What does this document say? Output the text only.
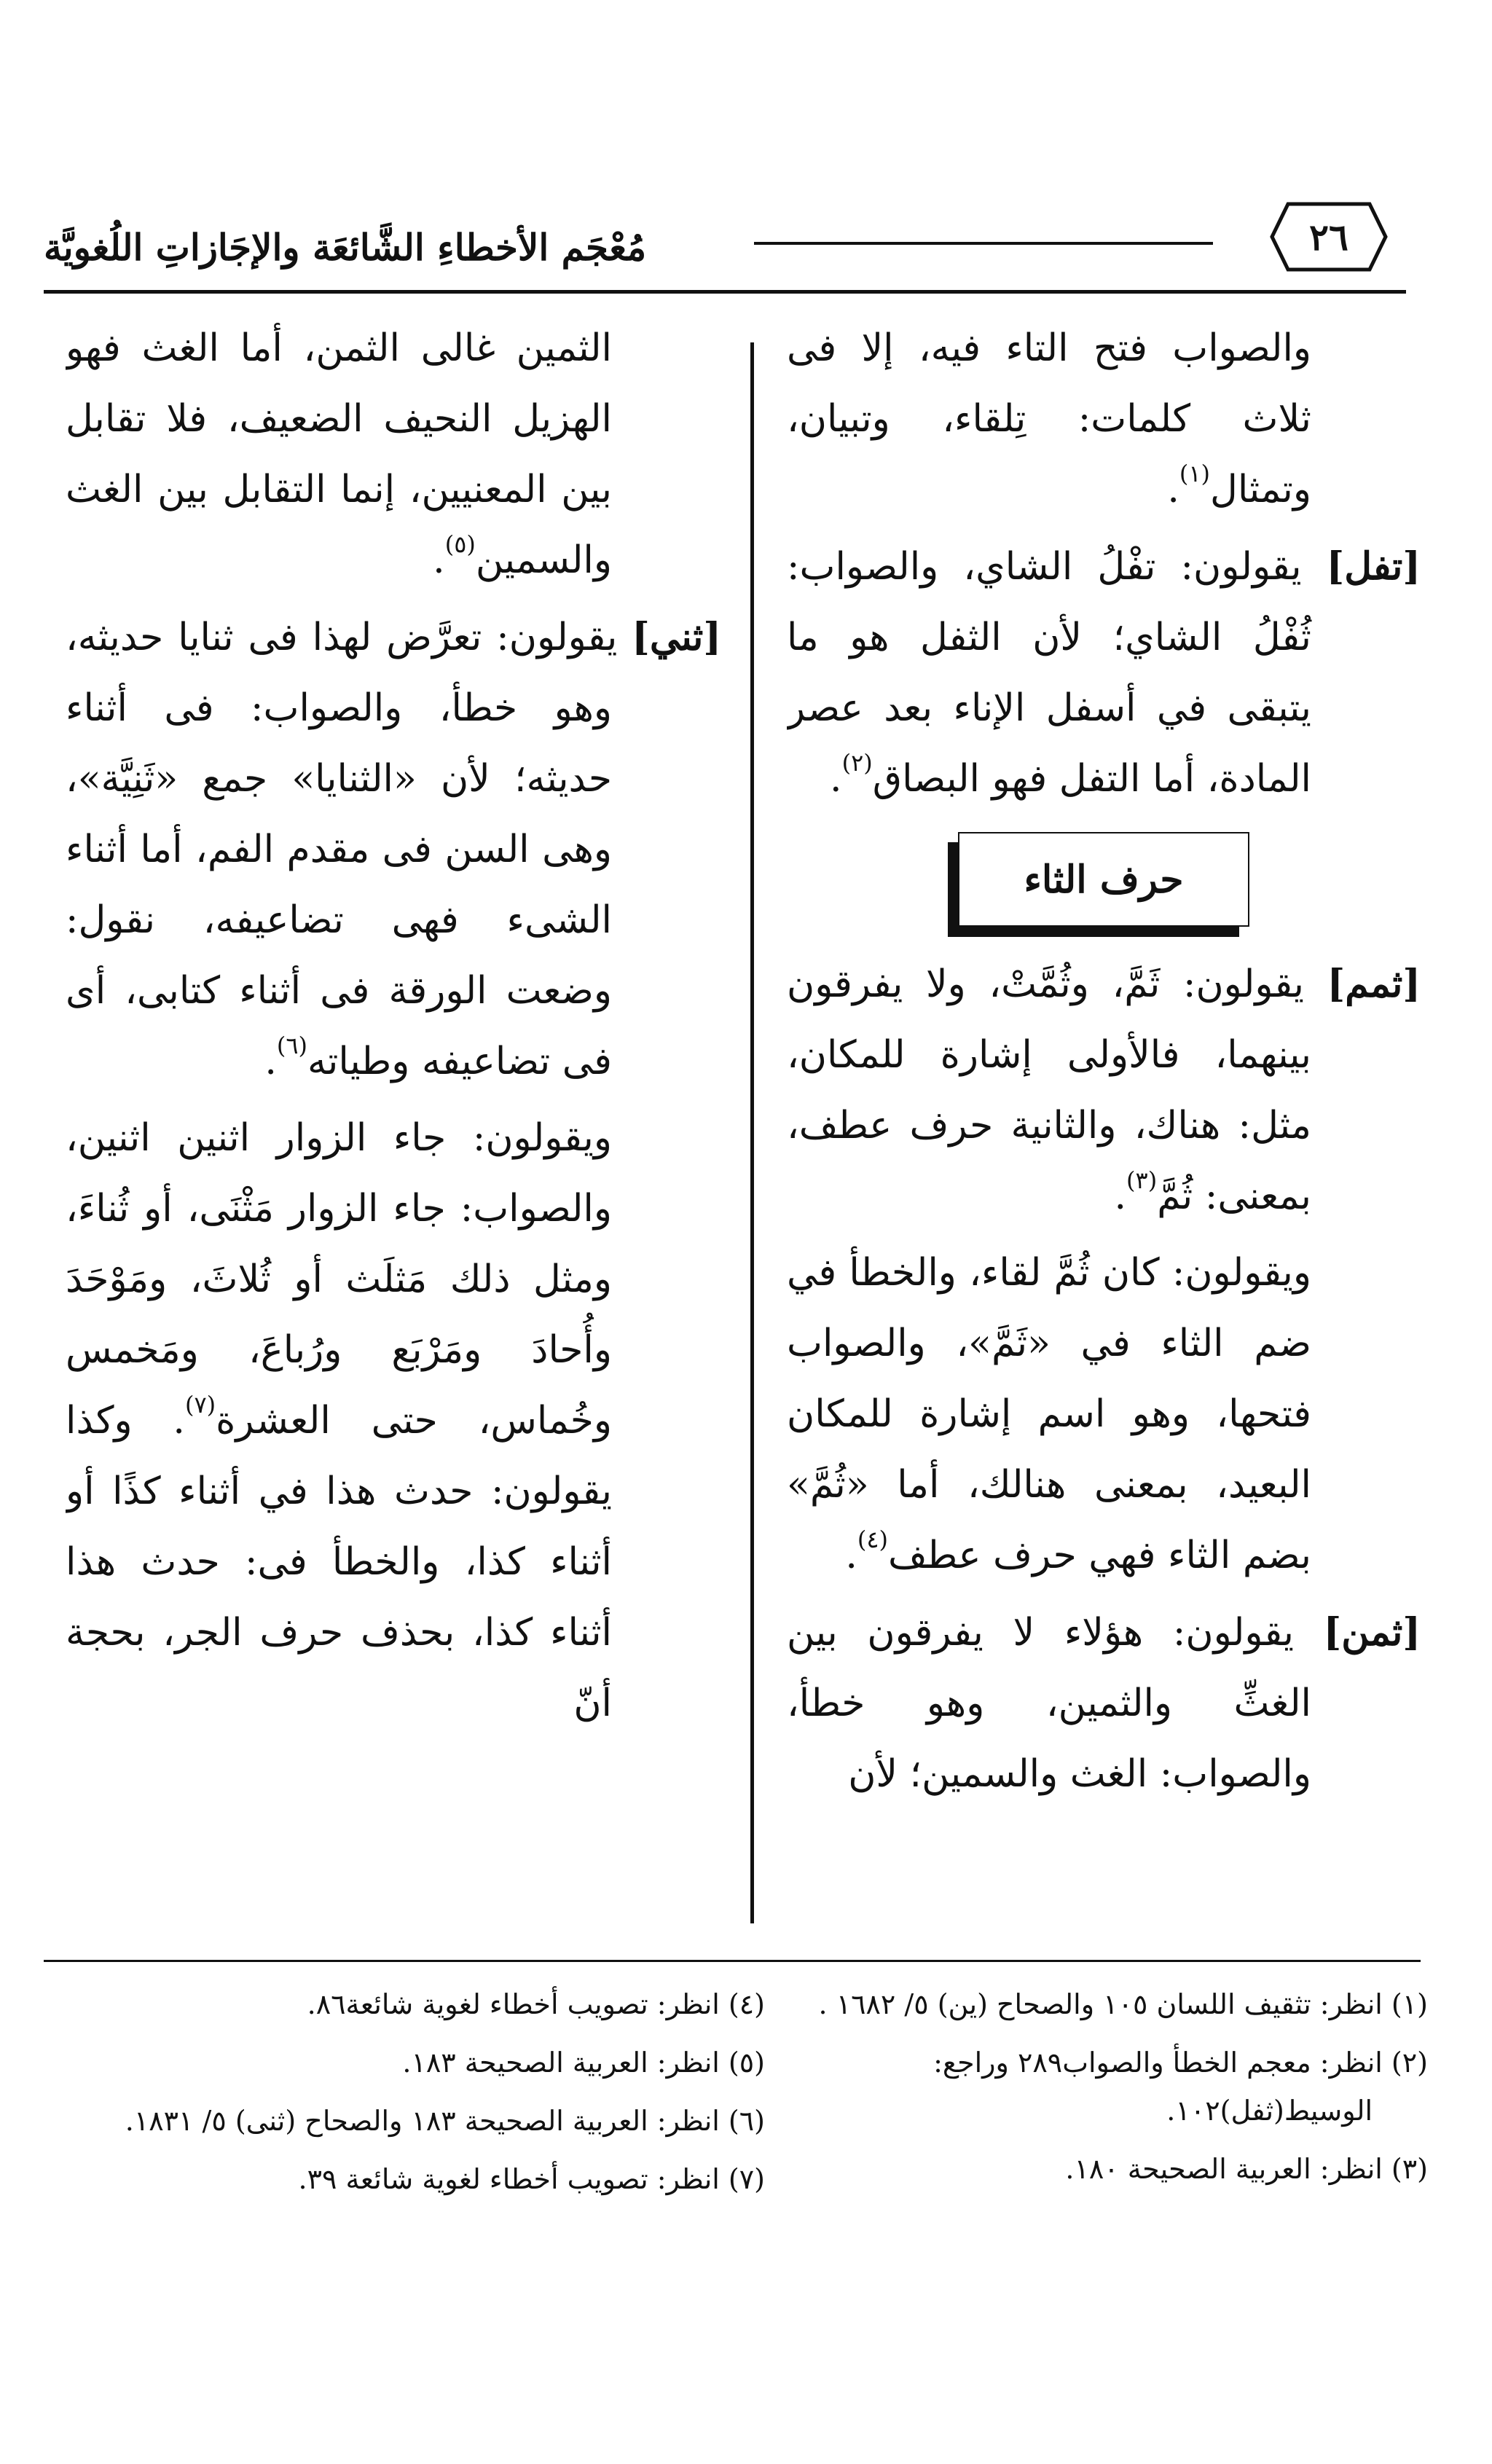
٢٦
مُعْجَم الأخطاءِ الشَّائعَة والإجَازاتِ اللُغويَّة

والصواب فتح التاء فيه، إلا فى ثلاث كلمات: تِلقاء، وتبيان، وتمثال$^{(١)}$.

[تفل] يقولون: تفْلُ الشاي، والصواب: ثُفْلُ الشاي؛ لأن الثفل هو ما يتبقى في أسفل الإناء بعد عصر المادة، أما التفل فهو البصاق$^{(٢)}$.

حرف الثاء

[ثمم] يقولون: ثَمَّ، وثُمَّتْ، ولا يفرقون بينهما، فالأولى إشارة للمكان، مثل: هناك، والثانية حرف عطف، بمعنى: ثُمَّ$^{(٣)}$.

ويقولون: كان ثُمَّ لقاء، والخطأ في ضم الثاء في «ثَمَّ»، والصواب فتحها، وهو اسم إشارة للمكان البعيد، بمعنى هنالك، أما «ثُمَّ» بضم الثاء فهي حرف عطف$^{(٤)}$.

[ثمن] يقولون: هؤلاء لا يفرقون بين الغثِّ والثمين، وهو خطأ، والصواب: الغث والسمين؛ لأن

الثمين غالى الثمن، أما الغث فهو الهزيل النحيف الضعيف، فلا تقابل بين المعنيين، إنما التقابل بين الغث والسمين$^{(٥)}$.

[ثني] يقولون: تعرَّض لهذا فى ثنايا حديثه، وهو خطأ، والصواب: فى أثناء حديثه؛ لأن «الثنايا» جمع «ثَنِيَّة»، وهى السن فى مقدم الفم، أما أثناء الشىء فهى تضاعيفه، نقول: وضعت الورقة فى أثناء كتابى، أى فى تضاعيفه وطياته$^{(٦)}$.

ويقولون: جاء الزوار اثنين اثنين، والصواب: جاء الزوار مَثْنَى، أو ثُناءَ، ومثل ذلك مَثلَث أو ثُلاثَ، ومَوْحَدَ وأُحادَ ومَرْبَع ورُباعَ، ومَخمس وخُماس، حتى العشرة$^{(٧)}$. وكذا يقولون: حدث هذا في أثناء كذًا أو أثناء كذا، والخطأ فى: حدث هذا أثناء كذا، بحذف حرف الجر، بحجة أنّ

(١) انظر: تثقيف اللسان ١٠٥ والصحاح (ين) ٥/ ١٦٨٢ .

(٢) انظر: معجم الخطأ والصواب٢٨٩ وراجع: الوسيط(ثفل)١٠٢.

(٣) انظر: العربية الصحيحة ١٨٠.

(٤) انظر: تصويب أخطاء لغوية شائعة٨٦.

(٥) انظر: العربية الصحيحة ١٨٣.

(٦) انظر: العربية الصحيحة ١٨٣ والصحاح (ثنى) ٥/ ١٨٣١.

(٧) انظر: تصويب أخطاء لغوية شائعة ٣٩.
